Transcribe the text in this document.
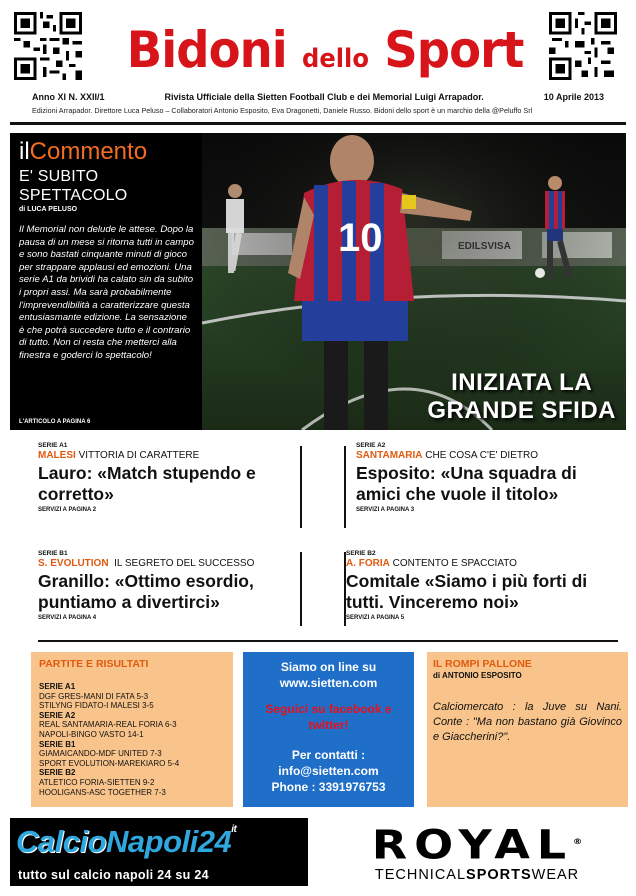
Bidoni dello Sport
Anno XI N. XXII/1	Rivista Ufficiale della Sietten Football Club e dei Memorial Luigi Arrapador.	10 Aprile 2013
Edizioni Arrapador. Direttore Luca Peluso – Collaboratori Antonio Esposito, Eva Dragonetti, Daniele Russo. Bidoni dello sport è un marchio della @Peluffo Srl
ilCommento
E' SUBITO
SPETTACOLO
di LUCA PELUSO
Il Memorial non delude le attese. Dopo la pausa di un mese si ritorna tutti in campo e sono bastati cinquante minuti di gioco per strappare applausi ed emozioni. Una serie A1 da brividi ha calato sin da subito i propri assi. Ma sarà probabilmente l'imprevendibilità a caratterizzare questa entusiasmante edizione. La sensazione è che potrà succedere tutto e il contrario di tutto. Non ci resta che metterci alla finestra e goderci lo spettacolo!
L'ARTICOLO A PAGINA 6
10
INIZIATA LA
GRANDE SFIDA
SERIE A1
MALESI VITTORIA DI CARATTERE
Lauro: «Match stupendo e corretto»
SERVIZI A PAGINA 2
SERIE A2
SANTAMARIA CHE COSA C'E' DIETRO
Esposito: «Una squadra di amici che vuole il titolo»
SERVIZI A PAGINA 3
SERIE B1
S. EVOLUTION IL SEGRETO DEL SUCCESSO
Granillo: «Ottimo esordio, puntiamo a divertirci»
SERVIZI A PAGINA 4
SERIE B2
A. FORIA CONTENTO E SPACCIATO
Comitale «Siamo i più forti di tutti. Vinceremo noi»
SERVIZI A PAGINA 5
PARTITE E RISULTATI
SERIE A1
DGF GRES-MANI DI FATA 5-3
STILYNG FIDATO-I MALESI 3-5
SERIE A2
REAL SANTAMARIA-REAL FORIA 6-3
NAPOLI-BINGO VASTO 14-1
SERIE B1
GIAMAICANDO-MDF UNITED 7-3
SPORT EVOLUTION-MAREKIARO 5-4
SERIE B2
ATLETICO FORIA-SIETTEN 9-2
HOOLIGANS-ASC TOGETHER 7-3
Siamo on line su
www.sietten.com
Seguici su facebook e
twitter!
Per contatti :
info@sietten.com
Phone : 3391976753
IL ROMPI PALLONE
di ANTONIO ESPOSITO
Calciomercato : la Juve su Nani. Conte : "Ma non bastano già Giovinco e Giaccherini?".
$CalcioNapoli24^{it}$
tutto sul calcio napoli 24 su 24
ROYAL®
TECHNICALSPORTSWEAR
